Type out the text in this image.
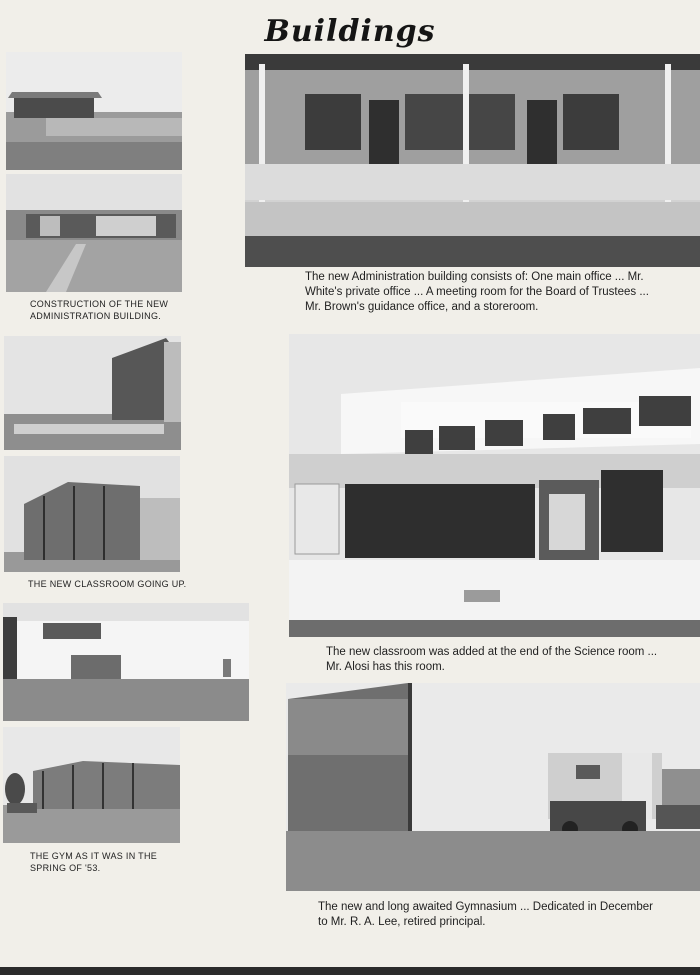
Buildings
CONSTRUCTION OF THE NEW ADMINISTRATION BUILDING.
THE NEW CLASSROOM GOING UP.
THE GYM AS IT WAS IN THE SPRING OF '53.
The new Administration building consists of: One main office ... Mr. White's private office ... A meeting room for the Board of Trustees ... Mr. Brown's guidance office, and a storeroom.
The new classroom was added at the end of the Science room ... Mr. Alosi has this room.
The new and long awaited Gymnasium ... Dedicated in December to Mr. R. A. Lee, retired principal.
